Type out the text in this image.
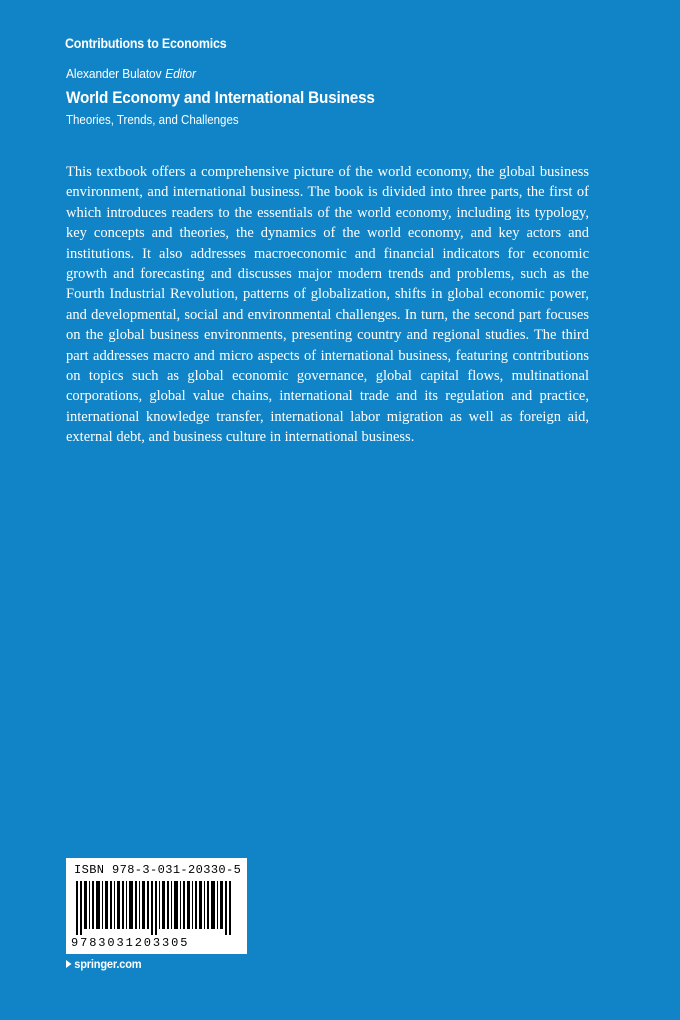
Contributions to Economics
Alexander Bulatov Editor
World Economy and International Business
Theories, Trends, and Challenges
This textbook offers a comprehensive picture of the world economy, the global business environment, and international business. The book is divided into three parts, the first of which introduces readers to the essentials of the world economy, including its typology, key concepts and theories, the dynamics of the world economy, and key actors and institutions. It also addresses macroeconomic and financial indicators for economic growth and forecasting and discusses major modern trends and problems, such as the Fourth Industrial Revolution, patterns of globalization, shifts in global economic power, and developmental, social and environmental challenges. In turn, the second part focuses on the global business environments, presenting country and regional studies. The third part addresses macro and micro aspects of international business, featuring contributions on topics such as global economic governance, global capital flows, multinational corporations, global value chains, international trade and its regulation and practice, international knowledge transfer, international labor migration as well as foreign aid, external debt, and business culture in international business.
ISBN 978-3-031-20330-5
9783031203305
springer.com
